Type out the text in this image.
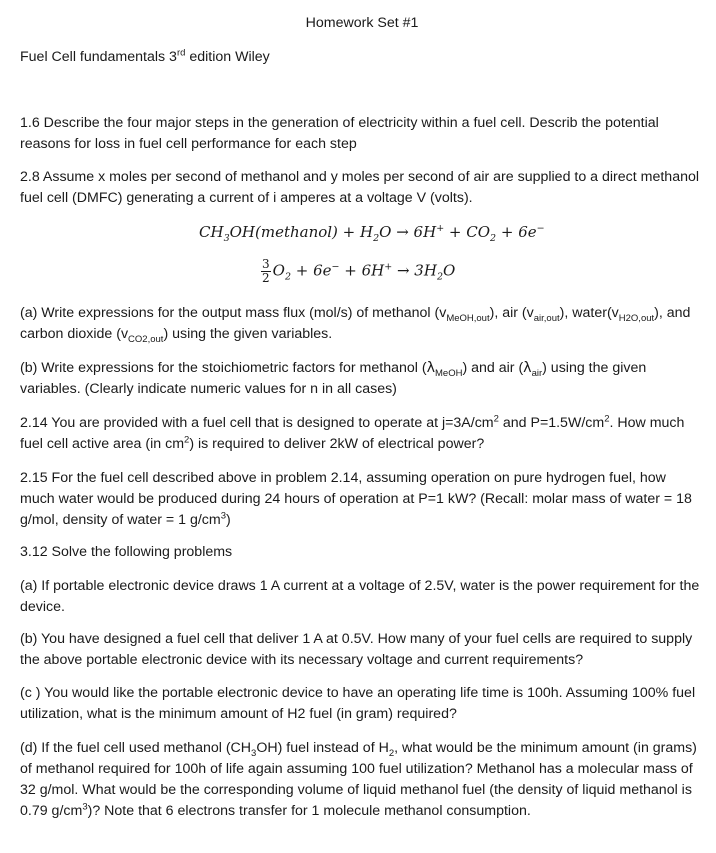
Homework Set #1
Fuel Cell fundamentals 3rd edition Wiley
1.6 Describe the four major steps in the generation of electricity within a fuel cell. Describ the potential reasons for loss in fuel cell performance for each step
2.8 Assume x moles per second of methanol and y moles per second of air are supplied to a direct methanol fuel cell (DMFC) generating a current of i amperes at a voltage V (volts).
$CH_3OH(methanol) + H_2O \to 6H^+ + CO_2 + 6e^-$
$\frac{3}{2} O_2 + 6e^- + 6H^+ \to 3H_2O$
(a) Write expressions for the output mass flux (mol/s) of methanol $(v_{MeOH,out})$, air $(v_{air,out})$, $water(v_{H2O,out})$, and carbon dioxide $(v_{CO2,out})$ using the given variables.
(b) Write expressions for the stoichiometric factors for methanol $(\lambda_{MeOH})$ and air $(\lambda_{air})$ using the given variables. (Clearly indicate numeric values for n in all cases)
2.14 You are provided with a fuel cell that is designed to operate at $j=3A/cm^2$ and $P=1.5W/cm^2$. How much fuel cell active area (in $cm^2$) is required to deliver 2kW of electrical power?
2.15 For the fuel cell described above in problem 2.14, assuming operation on pure hydrogen fuel, how much water would be produced during 24 hours of operation at P=1 kW? (Recall: molar mass of water = 18 g/mol, density of water = 1 $g/cm^3$)
3.12 Solve the following problems
(a) If portable electronic device draws 1 A current at a voltage of 2.5V, water is the power requirement for the device.
(b) You have designed a fuel cell that deliver 1 A at 0.5V. How many of your fuel cells are required to supply the above portable electronic device with its necessary voltage and current requirements?
(c ) You would like the portable electronic device to have an operating life time is 100h. Assuming 100% fuel utilization, what is the minimum amount of H2 fuel (in gram) required?
(d) If the fuel cell used methanol $(CH_3OH)$ fuel instead of $H_2$, what would be the minimum amount (in grams) of methanol required for 100h of life again assuming 100 fuel utilization? Methanol has a molecular mass of 32 g/mol. What would be the corresponding volume of liquid methanol fuel (the density of liquid methanol is 0.79 $g/cm^3$)? Note that 6 electrons transfer for 1 molecule methanol consumption.
